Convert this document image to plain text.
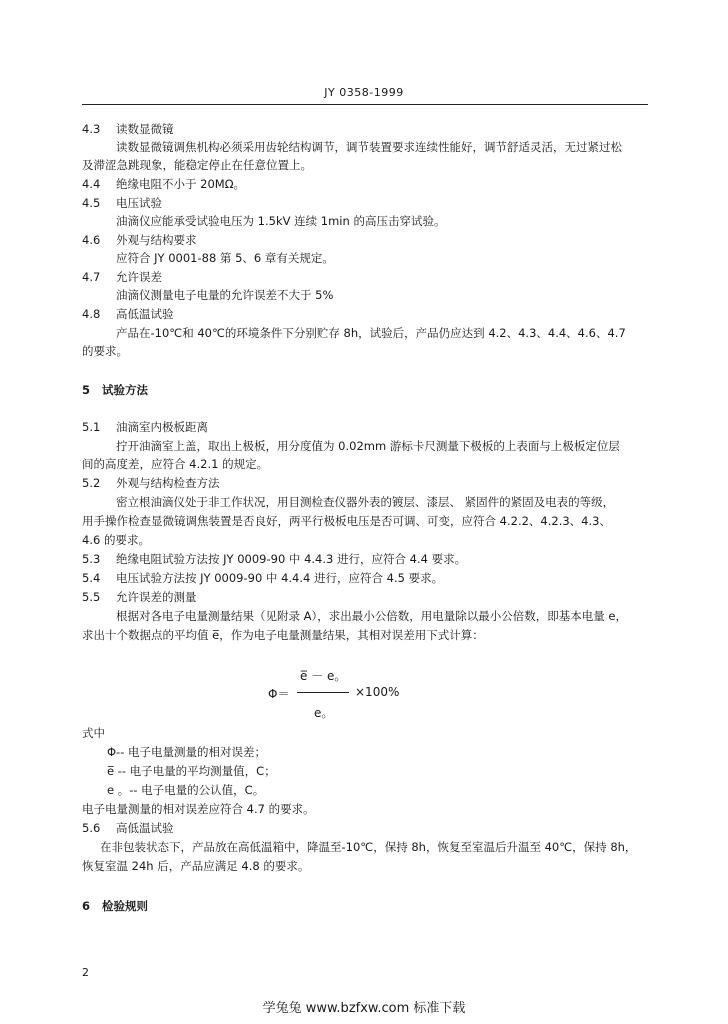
JY 0358-1999
4.3 读数显微镜
读数显微镜调焦机构必须采用齿轮结构调节，调节装置要求连续性能好，调节舒适灵活，无过紧过松
及滞涩急跳现象，能稳定停止在任意位置上。
4.4 绝缘电阻不小于 20MΩ。
4.5 电压试验
油滴仪应能承受试验电压为 1.5kV 连续 1min 的高压击穿试验。
4.6 外观与结构要求
应符合 JY 0001-88 第 5、6 章有关规定。
4.7 允许误差
油滴仪测量电子电量的允许误差不大于 5%
4.8 高低温试验
产品在-10℃和 40℃的环境条件下分别贮存 8h，试验后，产品仍应达到 4.2、4.3、4.4、4.6、4.7
的要求。
5 试验方法
5.1 油滴室内极板距离
拧开油滴室上盖，取出上极板，用分度值为 0.02mm 游标卡尺测量下极板的上表面与上极板定位层
间的高度差，应符合 4.2.1 的规定。
5.2 外观与结构检查方法
密立根油滴仪处于非工作状况，用目测检查仪器外表的镀层、漆层、 紧固件的紧固及电表的等级，
用手操作检查显微镜调焦装置是否良好，两平行极板电压是否可调、可变，应符合 4.2.2、4.2.3、4.3、
4.6 的要求。
5.3 绝缘电阻试验方法按 JY 0009-90 中 4.4.3 进行，应符合 4.4 要求。
5.4 电压试验方法按 JY 0009-90 中 4.4.4 进行，应符合 4.5 要求。
5.5 允许误差的测量
根据对各电子电量测量结果（见附录 A），求出最小公倍数，用电量除以最小公倍数，即基本电量 e，
求出十个数据点的平均值 e̅，作为电子电量测量结果，其相对误差用下式计算：
e̅ － e。
Φ＝	×100%
e。
式中
Φ-- 电子电量测量的相对误差；
e̅ -- 电子电量的平均测量值，C；
e 。-- 电子电量的公认值，C。
电子电量测量的相对误差应符合 4.7 的要求。
5.6 高低温试验
在非包装状态下，产品放在高低温箱中，降温至-10℃，保持 8h，恢复至室温后升温至 40℃，保持 8h，
恢复室温 24h 后，产品应满足 4.8 的要求。
6 检验规则
2
学兔兔 www.bzfxw.com 标准下载
